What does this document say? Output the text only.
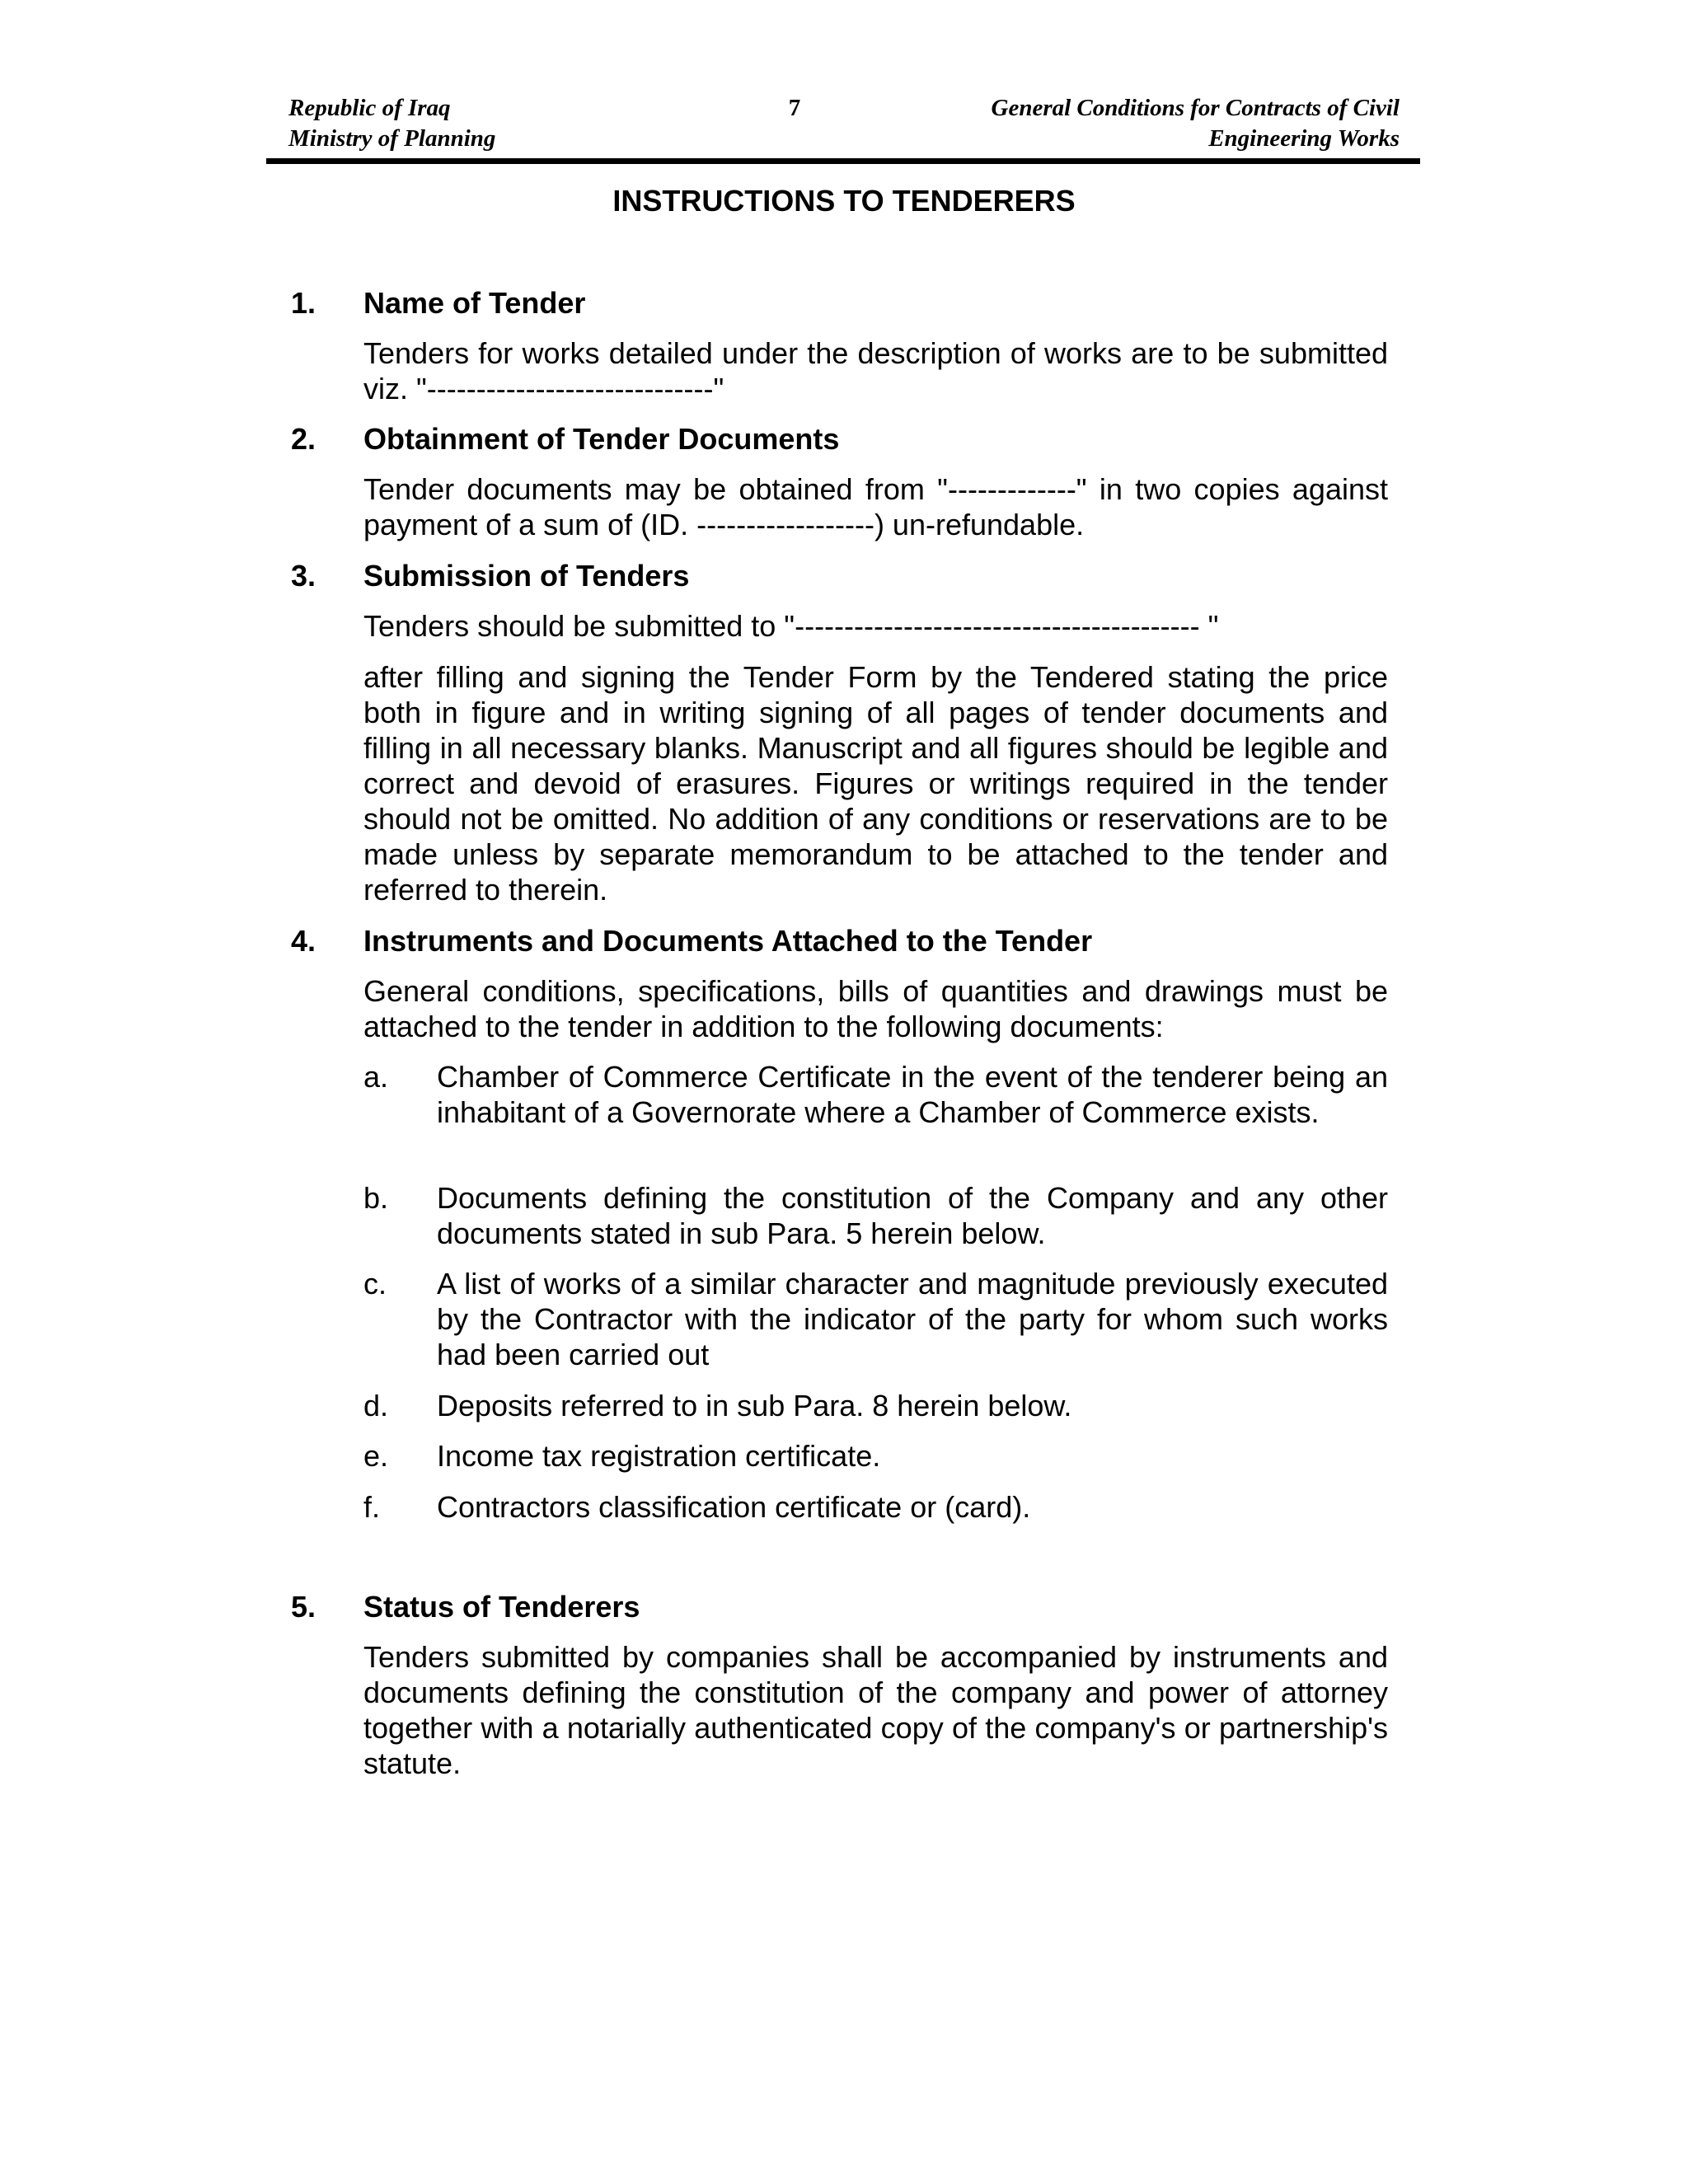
Republic of Iraq
Ministry of Planning
7	General Conditions for Contracts of Civil
Engineering Works
INSTRUCTIONS TO TENDERERS
1. Name of Tender
Tenders for works detailed under the description of works are to be submitted viz. "-----------------------------"
2. Obtainment of Tender Documents
Tender documents may be obtained from "-------------" in two copies against payment of a sum of (ID. ------------------) un-refundable.
3. Submission of Tenders
Tenders should be submitted to "----------------------------------------- "
after filling and signing the Tender Form by the Tendered stating the price both in figure and in writing signing of all pages of tender documents and filling in all necessary blanks. Manuscript and all figures should be legible and correct and devoid of erasures. Figures or writings required in the tender should not be omitted. No addition of any conditions or reservations are to be made unless by separate memorandum to be attached to the tender and referred to therein.
4. Instruments and Documents Attached to the Tender
General conditions, specifications, bills of quantities and drawings must be attached to the tender in addition to the following documents:
a. Chamber of Commerce Certificate in the event of the tenderer being an inhabitant of a Governorate where a Chamber of Commerce exists.
b. Documents defining the constitution of the Company and any other documents stated in sub Para. 5 herein below.
c. A list of works of a similar character and magnitude previously executed by the Contractor with the indicator of the party for whom such works had been carried out
d. Deposits referred to in sub Para. 8 herein below.
e. Income tax registration certificate.
f. Contractors classification certificate or (card).
5. Status of Tenderers
Tenders submitted by companies shall be accompanied by instruments and documents defining the constitution of the company and power of attorney together with a notarially authenticated copy of the company's or partnership's statute.
